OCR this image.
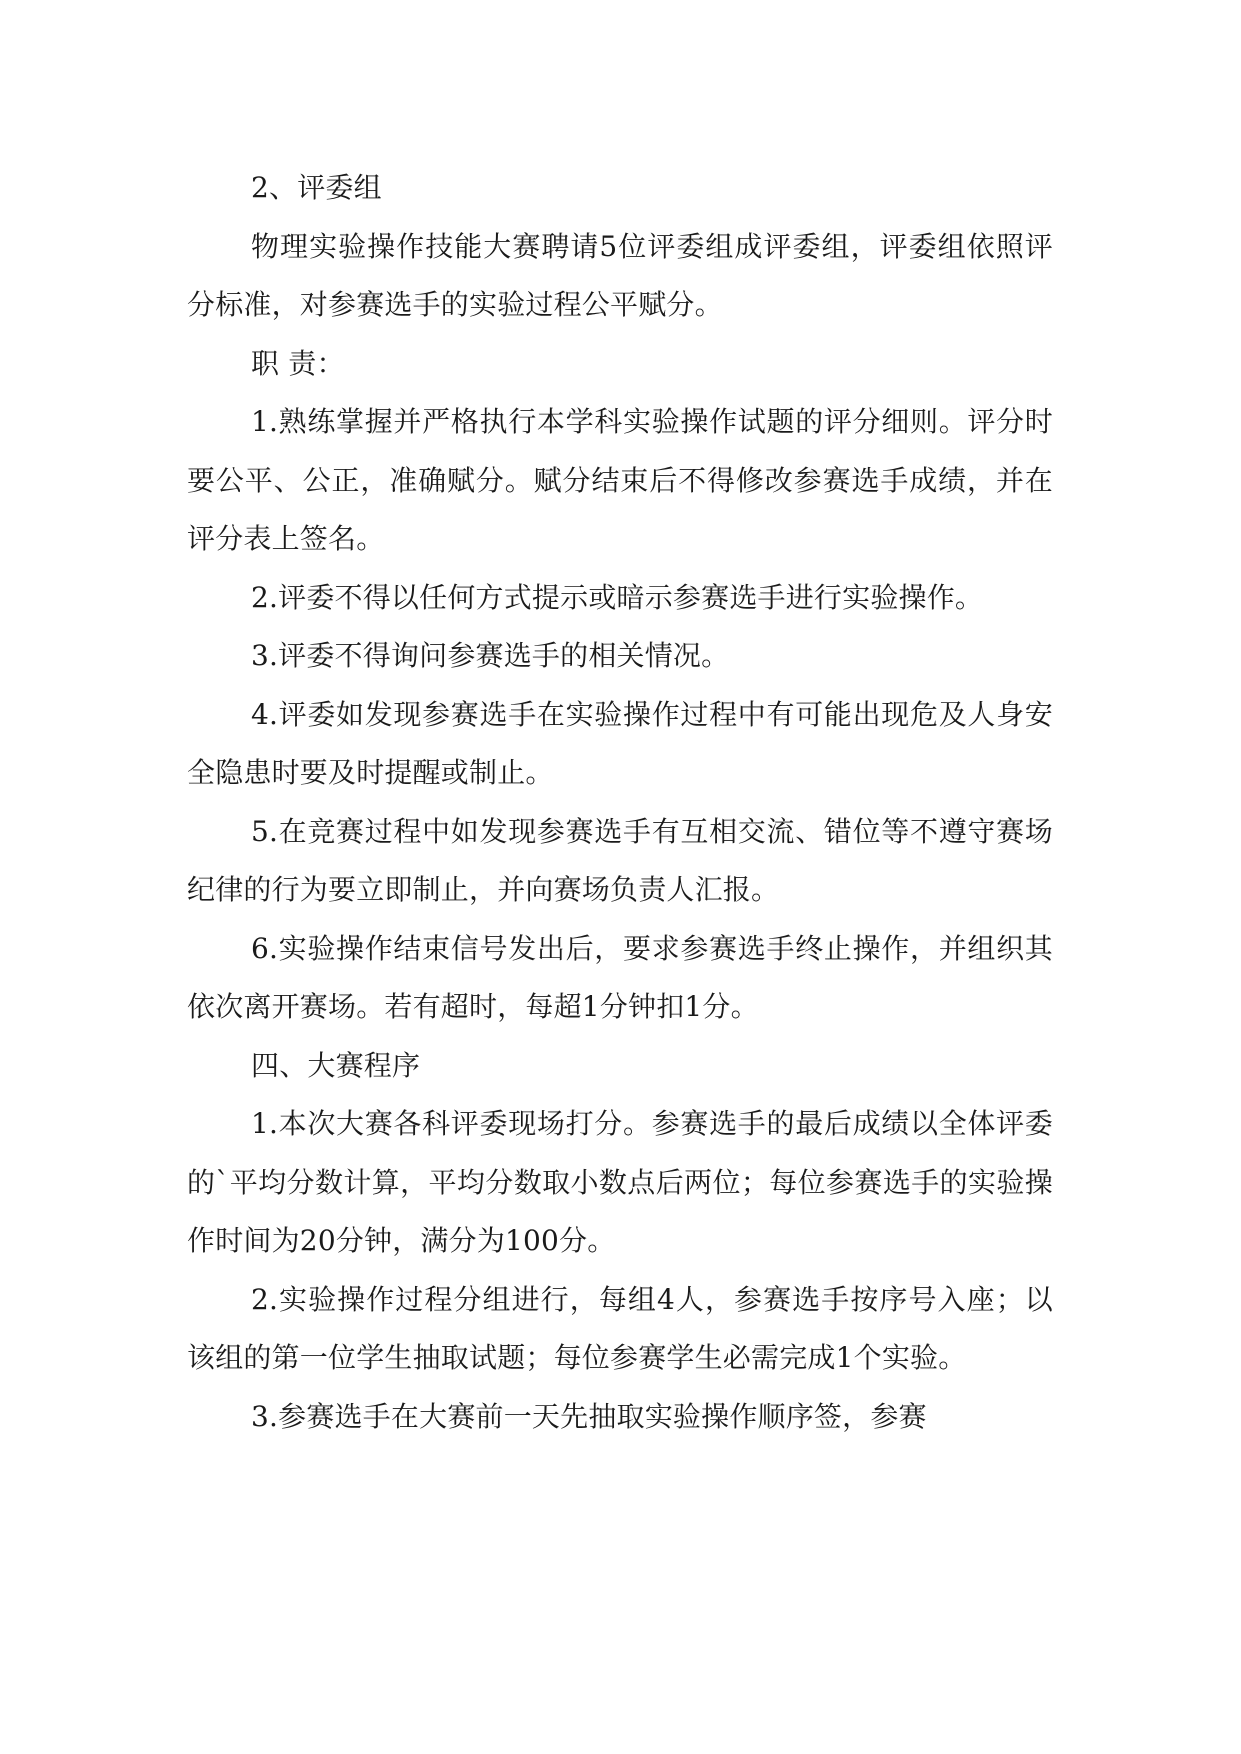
2、评委组

物理实验操作技能大赛聘请5位评委组成评委组，评委组依照评分标准，对参赛选手的实验过程公平赋分。

职 责：

1.熟练掌握并严格执行本学科实验操作试题的评分细则。评分时要公平、公正，准确赋分。赋分结束后不得修改参赛选手成绩，并在评分表上签名。

2.评委不得以任何方式提示或暗示参赛选手进行实验操作。

3.评委不得询问参赛选手的相关情况。

4.评委如发现参赛选手在实验操作过程中有可能出现危及人身安全隐患时要及时提醒或制止。

5.在竞赛过程中如发现参赛选手有互相交流、错位等不遵守赛场纪律的行为要立即制止，并向赛场负责人汇报。

6.实验操作结束信号发出后，要求参赛选手终止操作，并组织其依次离开赛场。若有超时，每超1分钟扣1分。

四、大赛程序

1.本次大赛各科评委现场打分。参赛选手的最后成绩以全体评委的`平均分数计算，平均分数取小数点后两位；每位参赛选手的实验操作时间为20分钟，满分为100分。

2.实验操作过程分组进行，每组4人，参赛选手按序号入座；以该组的第一位学生抽取试题；每位参赛学生必需完成1个实验。

3.参赛选手在大赛前一天先抽取实验操作顺序签，参赛
